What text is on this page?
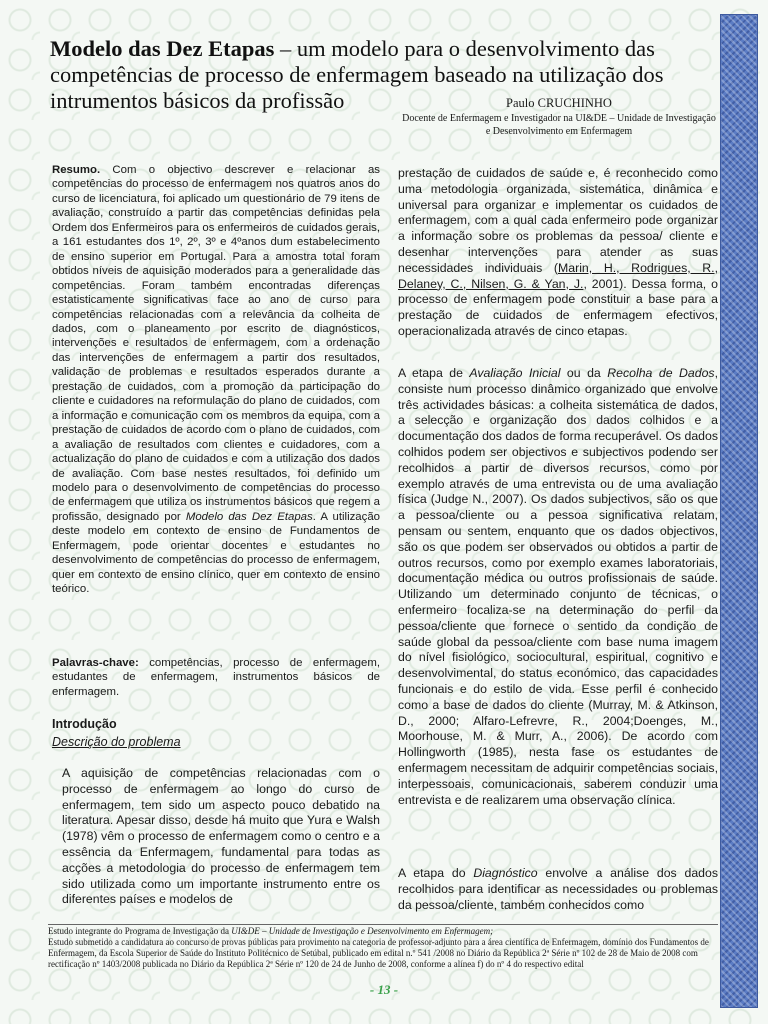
Modelo das Dez Etapas – um modelo para o desenvolvimento das competências de processo de enfermagem baseado na utilização dos intrumentos básicos da profissão	Paulo CRUCHINHO
Docente de Enfermagem e Investigador na UI&DE – Unidade de Investigação e Desenvolvimento em Enfermagem

Resumo. Com o objectivo descrever e relacionar as competências do processo de enfermagem nos quatros anos do curso de licenciatura, foi aplicado um questionário de 79 itens de avaliação, construído a partir das competências definidas pela Ordem dos Enfermeiros para os enfermeiros de cuidados gerais, a 161 estudantes dos 1º, 2º, 3º e 4ºanos dum estabelecimento de ensino superior em Portugal. Para a amostra total foram obtidos níveis de aquisição moderados para a generalidade das competências. Foram também encontradas diferenças estatisticamente significativas face ao ano de curso para competências relacionadas com a relevância da colheita de dados, com o planeamento por escrito de diagnósticos, intervenções e resultados de enfermagem, com a ordenação das intervenções de enfermagem a partir dos resultados, validação de problemas e resultados esperados durante a prestação de cuidados, com a promoção da participação do cliente e cuidadores na reformulação do plano de cuidados, com a informação e comunicação com os membros da equipa, com a prestação de cuidados de acordo com o plano de cuidados, com a avaliação de resultados com clientes e cuidadores, com a actualização do plano de cuidados e com a utilização dos dados de avaliação. Com base nestes resultados, foi definido um modelo para o desenvolvimento de competências do processo de enfermagem que utiliza os instrumentos básicos que regem a profissão, designado por Modelo das Dez Etapas. A utilização deste modelo em contexto de ensino de Fundamentos de Enfermagem, pode orientar docentes e estudantes no desenvolvimento de competências do processo de enfermagem, quer em contexto de ensino clínico, quer em contexto de ensino teórico.

Palavras-chave: competências, processo de enfermagem, estudantes de enfermagem, instrumentos básicos de enfermagem.

Introdução
Descrição do problema

A aquisição de competências relacionadas com o processo de enfermagem ao longo do curso de enfermagem, tem sido um aspecto pouco debatido na literatura. Apesar disso, desde há muito que Yura e Walsh (1978) vêm o processo de enfermagem como o centro e a essência da Enfermagem, fundamental para todas as acções a metodologia do processo de enfermagem tem sido utilizada como um importante instrumento entre os diferentes países e modelos de

prestação de cuidados de saúde e, é reconhecido como uma metodologia organizada, sistemática, dinâmica e universal para organizar e implementar os cuidados de enfermagem, com a qual cada enfermeiro pode organizar a informação sobre os problemas da pessoa/ cliente e desenhar intervenções para atender as suas necessidades individuais (Marin, H., Rodrigues, R., Delaney, C., Nilsen, G. & Yan, J., 2001). Dessa forma, o processo de enfermagem pode constituir a base para a prestação de cuidados de enfermagem efectivos, operacionalizada através de cinco etapas.

A etapa de Avaliação Inicial ou da Recolha de Dados, consiste num processo dinâmico organizado que envolve três actividades básicas: a colheita sistemática de dados, a selecção e organização dos dados colhidos e a documentação dos dados de forma recuperável. Os dados colhidos podem ser objectivos e subjectivos podendo ser recolhidos a partir de diversos recursos, como por exemplo através de uma entrevista ou de uma avaliação física (Judge N., 2007). Os dados subjectivos, são os que a pessoa/cliente ou a pessoa significativa relatam, pensam ou sentem, enquanto que os dados objectivos, são os que podem ser observados ou obtidos a partir de outros recursos, como por exemplo exames laboratoriais, documentação médica ou outros profissionais de saúde. Utilizando um determinado conjunto de técnicas, o enfermeiro focaliza-se na determinação do perfil da pessoa/cliente que fornece o sentido da condição de saúde global da pessoa/cliente com base numa imagem do nível fisiológico, sociocultural, espiritual, cognitivo e desenvolvimental, do status económico, das capacidades funcionais e do estilo de vida. Esse perfil é conhecido como a base de dados do cliente (Murray, M. & Atkinson, D., 2000; Alfaro-Lefrevre, R., 2004;Doenges, M., Moorhouse, M. & Murr, A., 2006). De acordo com Hollingworth (1985), nesta fase os estudantes de enfermagem necessitam de adquirir competências sociais, interpessoais, comunicacionais, saberem conduzir uma entrevista e de realizarem uma observação clínica.

A etapa do Diagnóstico envolve a análise dos dados recolhidos para identificar as necessidades ou problemas da pessoa/cliente, também conhecidos como

Estudo integrante do Programa de Investigação da UI&DE – Unidade de Investigação e Desenvolvimento em Enfermagem;

Estudo submetido a candidatura ao concurso de provas públicas para provimento na categoria de professor-adjunto para a área científica de Enfermagem, domínio dos Fundamentos de Enfermagem, da Escola Superior de Saúde do Instituto Politécnico de Setúbal, publicado em edital n.º 541 /2008 no Diário da República 2ª Série nº 102 de 28 de Maio de 2008 com rectificação nº 1403/2008 publicada no Diário da República 2ª Série nº 120 de 24 de Junho de 2008, conforme a alínea f) do nº 4 do respectivo edital

- 13 -
